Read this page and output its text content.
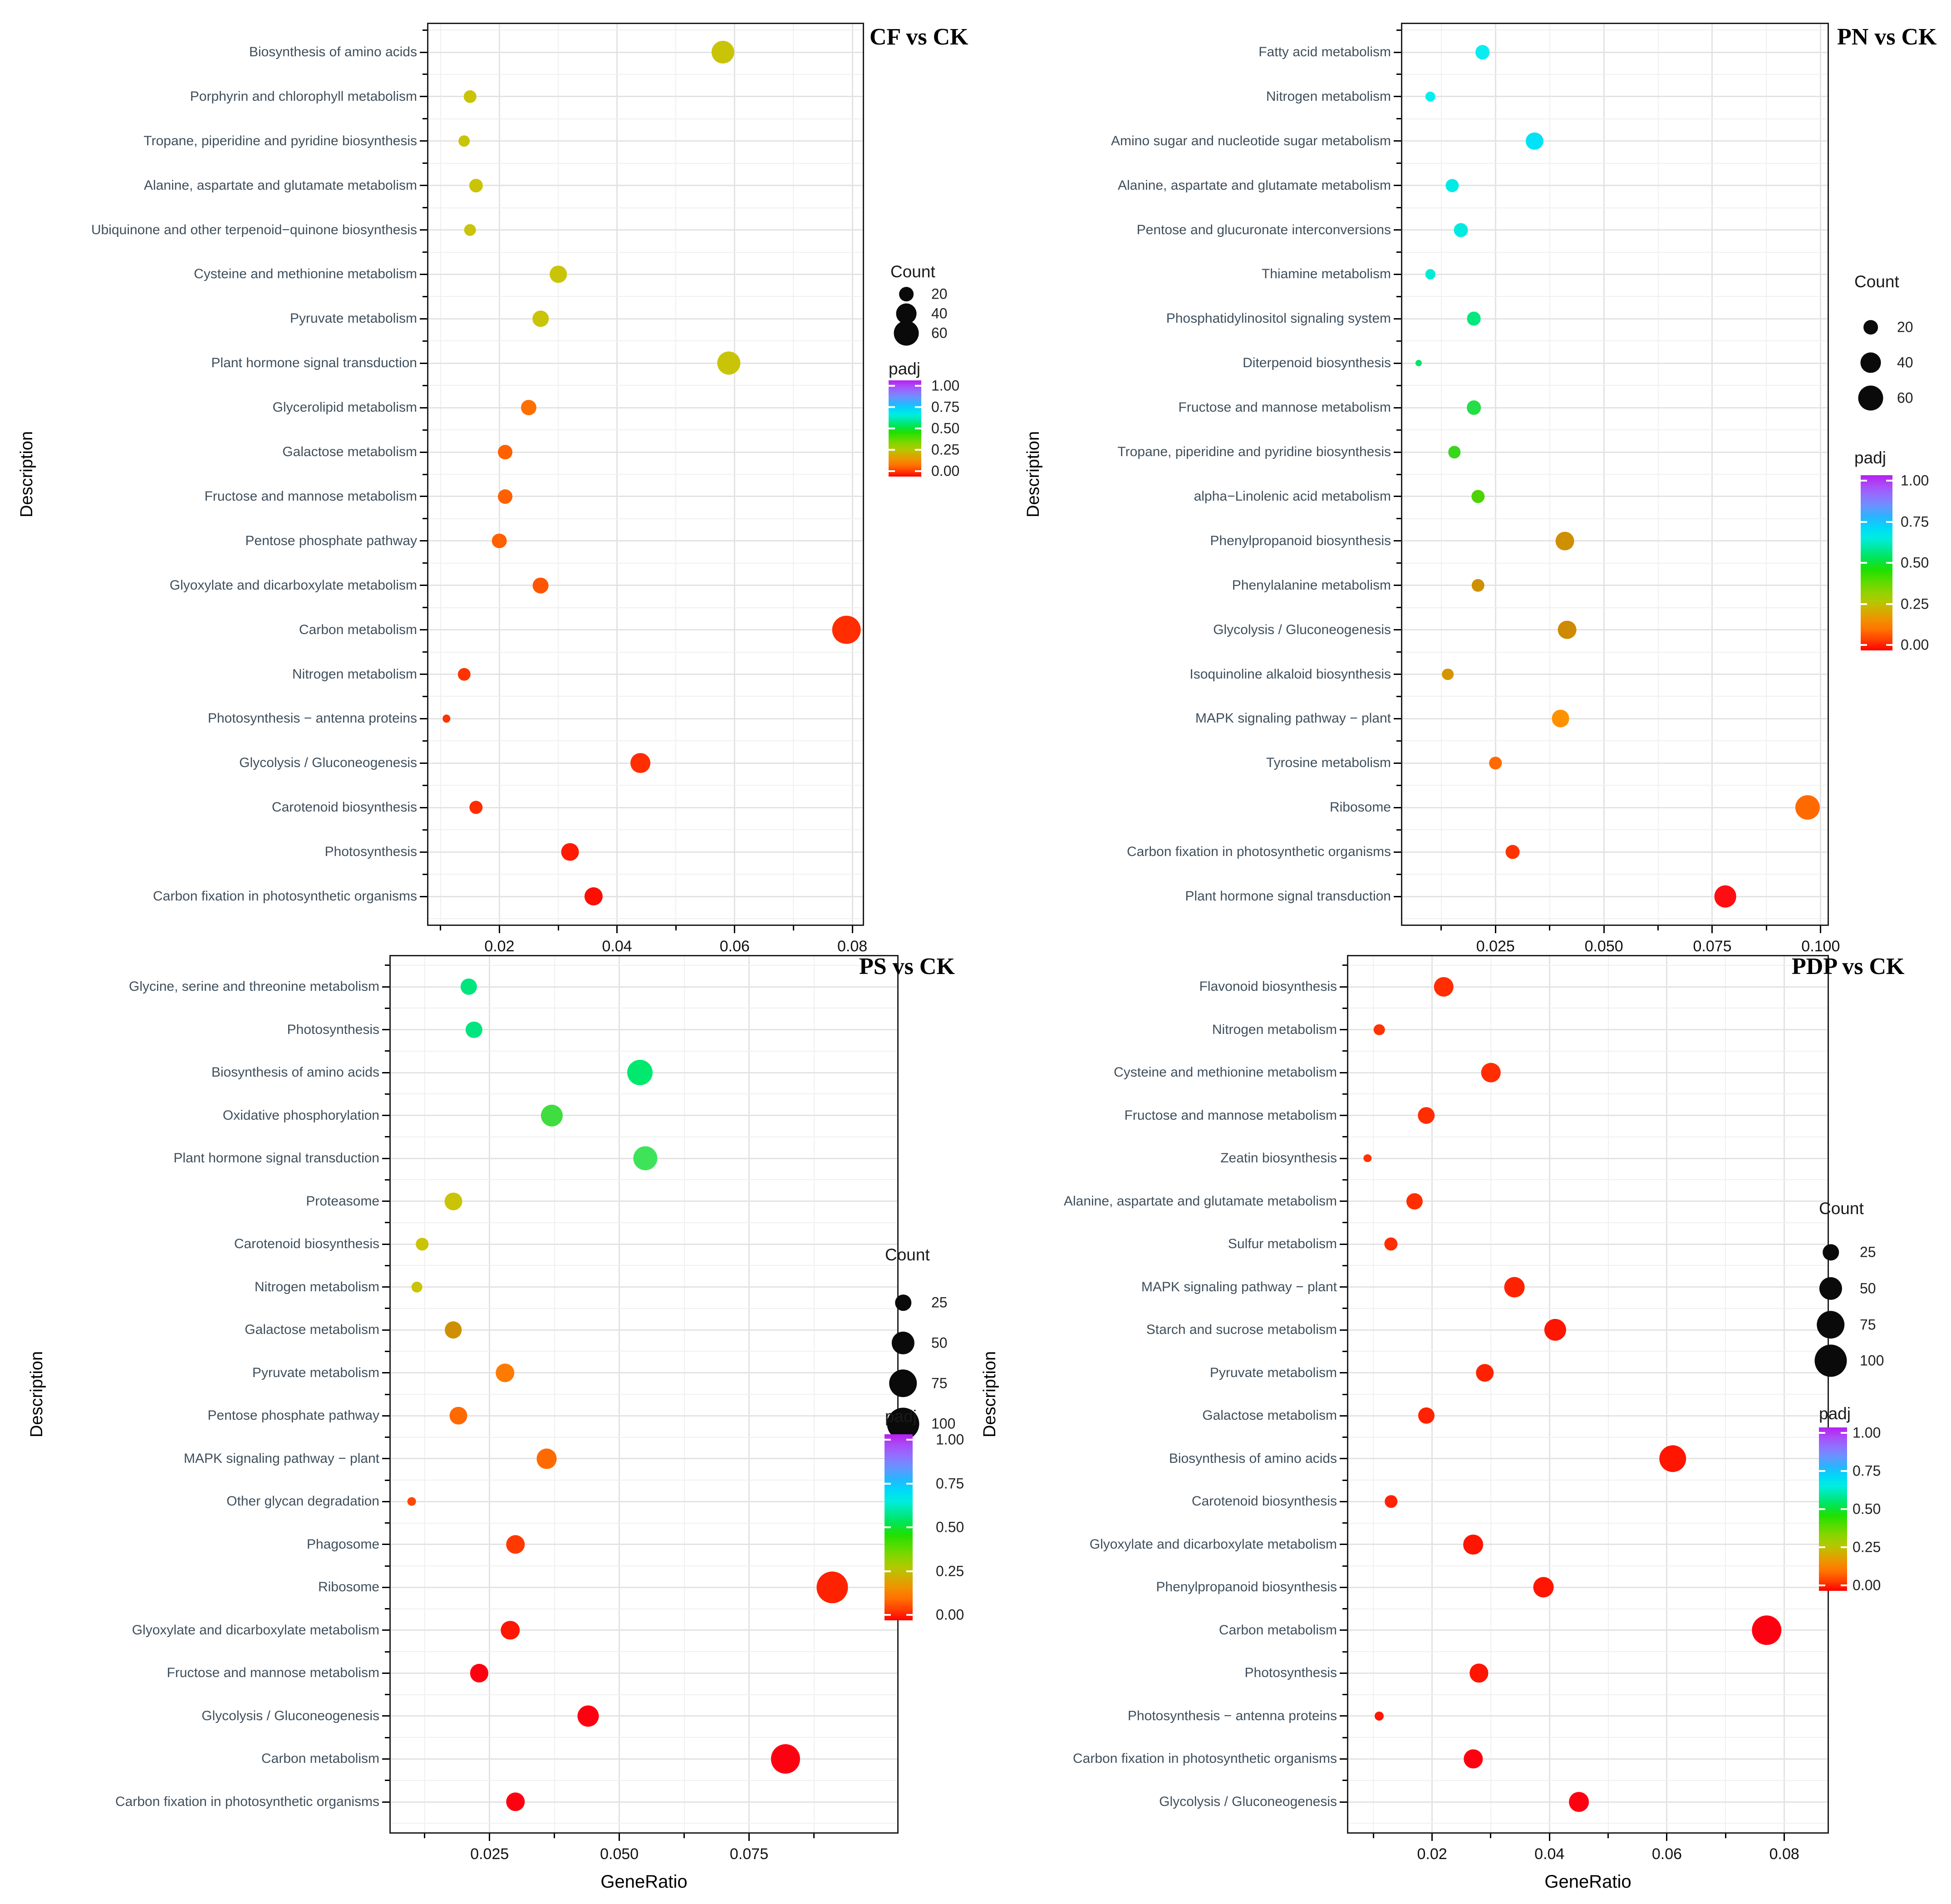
Biosynthesis of amino acids
Porphyrin and chlorophyll metabolism
Tropane, piperidine and pyridine biosynthesis
Alanine, aspartate and glutamate metabolism
Ubiquinone and other terpenoid−quinone biosynthesis
Cysteine and methionine metabolism
Pyruvate metabolism
Plant hormone signal transduction
Glycerolipid metabolism
Galactose metabolism
Fructose and mannose metabolism
Pentose phosphate pathway
Glyoxylate and dicarboxylate metabolism
Carbon metabolism
Nitrogen metabolism
Photosynthesis − antenna proteins
Glycolysis / Gluconeogenesis
Carotenoid biosynthesis
Photosynthesis
Carbon fixation in photosynthetic organisms
0.02	0.04	0.06	0.08
Description
CF vs CK
Count
20
40
60
padj
1.00
0.75
0.50
0.25
0.00
Fatty acid metabolism
Nitrogen metabolism
Amino sugar and nucleotide sugar metabolism
Alanine, aspartate and glutamate metabolism
Pentose and glucuronate interconversions
Thiamine metabolism
Phosphatidylinositol signaling system
Diterpenoid biosynthesis
Fructose and mannose metabolism
Tropane, piperidine and pyridine biosynthesis
alpha−Linolenic acid metabolism
Phenylpropanoid biosynthesis
Phenylalanine metabolism
Glycolysis / Gluconeogenesis
Isoquinoline alkaloid biosynthesis
MAPK signaling pathway − plant
Tyrosine metabolism
Ribosome
Carbon fixation in photosynthetic organisms
Plant hormone signal transduction
0.025	0.050	0.075	0.100
Description
PN vs CK
Count
20
40
60
padj
1.00
0.75
0.50
0.25
0.00
Glycine, serine and threonine metabolism
Photosynthesis
Biosynthesis of amino acids
Oxidative phosphorylation
Plant hormone signal transduction
Proteasome
Carotenoid biosynthesis
Nitrogen metabolism
Galactose metabolism
Pyruvate metabolism
Pentose phosphate pathway
MAPK signaling pathway − plant
Other glycan degradation
Phagosome
Ribosome
Glyoxylate and dicarboxylate metabolism
Fructose and mannose metabolism
Glycolysis / Gluconeogenesis
Carbon metabolism
Carbon fixation in photosynthetic organisms
0.025	0.050	0.075
GeneRatio
Description
PS vs CK
Count
25
50
75
100
padj
1.00
0.75
0.50
0.25
0.00
Flavonoid biosynthesis
Nitrogen metabolism
Cysteine and methionine metabolism
Fructose and mannose metabolism
Zeatin biosynthesis
Alanine, aspartate and glutamate metabolism
Sulfur metabolism
MAPK signaling pathway − plant
Starch and sucrose metabolism
Pyruvate metabolism
Galactose metabolism
Biosynthesis of amino acids
Carotenoid biosynthesis
Glyoxylate and dicarboxylate metabolism
Phenylpropanoid biosynthesis
Carbon metabolism
Photosynthesis
Photosynthesis − antenna proteins
Carbon fixation in photosynthetic organisms
Glycolysis / Gluconeogenesis
0.02	0.04	0.06	0.08
GeneRatio
Description
PDP vs CK
Count
25
50
75
100
padj
1.00
0.75
0.50
0.25
0.00
